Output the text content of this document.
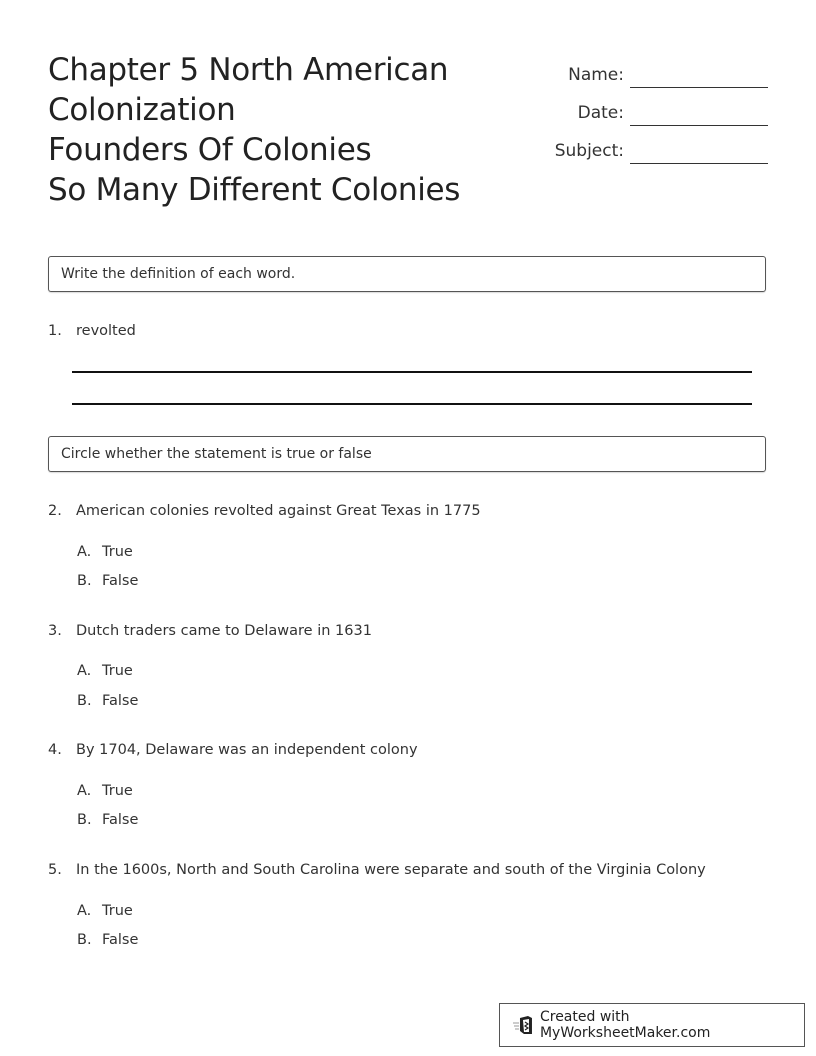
Chapter 5 North American
Colonization
Founders Of Colonies
So Many Different Colonies
Name:
Date:
Subject:
Write the definition of each word.
1. revolted
Circle whether the statement is true or false
2. American colonies revolted against Great Texas in 1775
A. True
B. False
3. Dutch traders came to Delaware in 1631
A. True
B. False
4. By 1704, Delaware was an independent colony
A. True
B. False
5. In the 1600s, North and South Carolina were separate and south of the Virginia Colony
A. True
B. False
Created with MyWorksheetMaker.com
